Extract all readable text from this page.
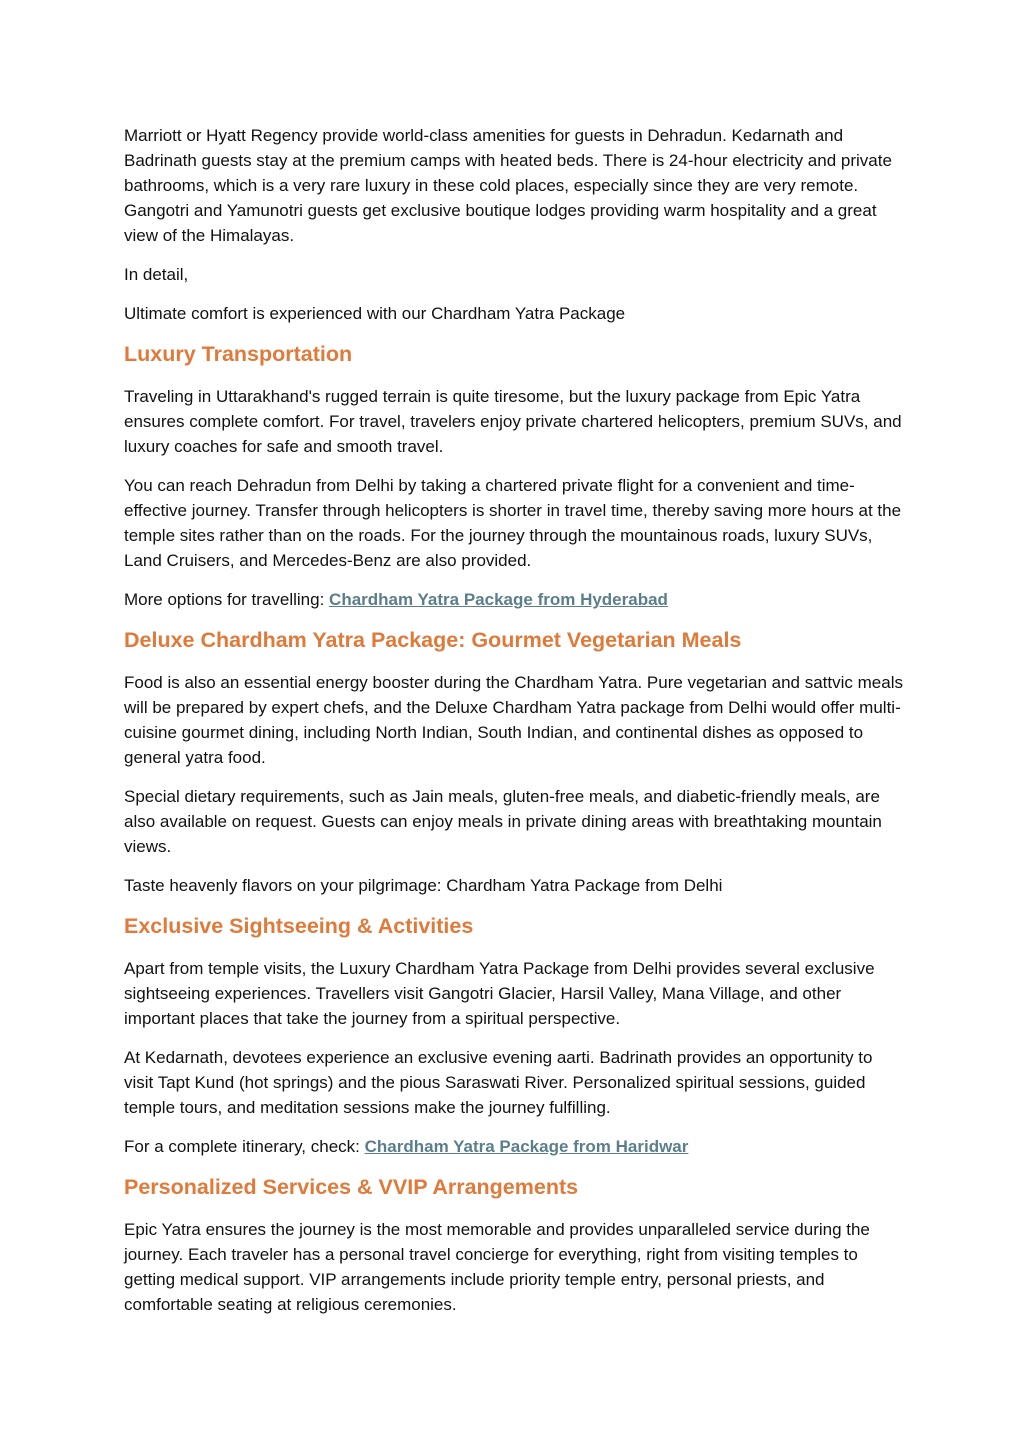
Marriott or Hyatt Regency provide world-class amenities for guests in Dehradun. Kedarnath and Badrinath guests stay at the premium camps with heated beds. There is 24-hour electricity and private bathrooms, which is a very rare luxury in these cold places, especially since they are very remote. Gangotri and Yamunotri guests get exclusive boutique lodges providing warm hospitality and a great view of the Himalayas.

In detail,

Ultimate comfort is experienced with our Chardham Yatra Package

Luxury Transportation

Traveling in Uttarakhand's rugged terrain is quite tiresome, but the luxury package from Epic Yatra ensures complete comfort. For travel, travelers enjoy private chartered helicopters, premium SUVs, and luxury coaches for safe and smooth travel.

You can reach Dehradun from Delhi by taking a chartered private flight for a convenient and time-effective journey. Transfer through helicopters is shorter in travel time, thereby saving more hours at the temple sites rather than on the roads. For the journey through the mountainous roads, luxury SUVs, Land Cruisers, and Mercedes-Benz are also provided.

More options for travelling: Chardham Yatra Package from Hyderabad

Deluxe Chardham Yatra Package: Gourmet Vegetarian Meals

Food is also an essential energy booster during the Chardham Yatra. Pure vegetarian and sattvic meals will be prepared by expert chefs, and the Deluxe Chardham Yatra package from Delhi would offer multi-cuisine gourmet dining, including North Indian, South Indian, and continental dishes as opposed to general yatra food.

Special dietary requirements, such as Jain meals, gluten-free meals, and diabetic-friendly meals, are also available on request. Guests can enjoy meals in private dining areas with breathtaking mountain views.

Taste heavenly flavors on your pilgrimage: Chardham Yatra Package from Delhi

Exclusive Sightseeing & Activities

Apart from temple visits, the Luxury Chardham Yatra Package from Delhi provides several exclusive sightseeing experiences. Travellers visit Gangotri Glacier, Harsil Valley, Mana Village, and other important places that take the journey from a spiritual perspective.

At Kedarnath, devotees experience an exclusive evening aarti. Badrinath provides an opportunity to visit Tapt Kund (hot springs) and the pious Saraswati River. Personalized spiritual sessions, guided temple tours, and meditation sessions make the journey fulfilling.

For a complete itinerary, check: Chardham Yatra Package from Haridwar

Personalized Services & VVIP Arrangements

Epic Yatra ensures the journey is the most memorable and provides unparalleled service during the journey. Each traveler has a personal travel concierge for everything, right from visiting temples to getting medical support. VIP arrangements include priority temple entry, personal priests, and comfortable seating at religious ceremonies.
